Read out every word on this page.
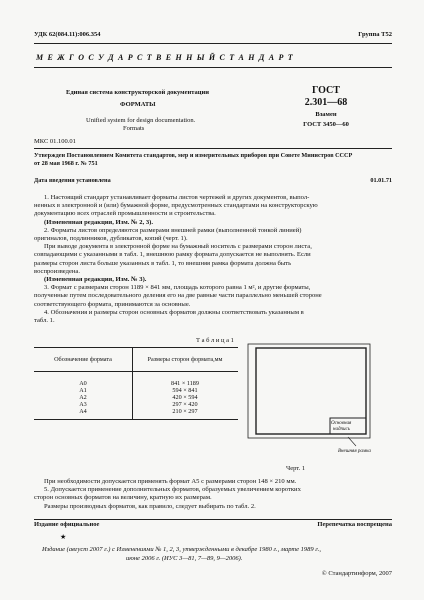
УДК 62(084.11):006.354	Группа Т52
М Е Ж Г О С У Д А Р С Т В Е Н Н Ы Й С Т А Н Д А Р Т
Единая система конструкторской документации
ФОРМАТЫ
Unified system for design documentation.
Formats
ГОСТ
2.301—68
Взамен
ГОСТ 3450—60
МКС 01.100.01
Утвержден Постановлением Комитета стандартов, мер и измерительных приборов при Совете Министров СССР
от 28 мая 1968 г. № 751
Дата введения установлена	01.01.71
1. Настоящий стандарт устанавливает форматы листов чертежей и других документов, выпол-
ненных в электронной и (или) бумажной форме, предусмотренных стандартами на конструкторскую
документацию всех отраслей промышленности и строительства.
(Измененная редакция, Изм. № 2, 3).
2. Форматы листов определяются размерами внешней рамки (выполненной тонкой линией)
оригиналов, подлинников, дубликатов, копий (черт. 1).
При выводе документа в электронной форме на бумажный носитель с размерами сторон листа,
совпадающими с указанными в табл. 1, внешнюю рамку формата допускается не выполнять. Если
размеры сторон листа больше указанных в табл. 1, то внешняя рамка формата должна быть
воспроизведена.
(Измененная редакция, Изм. № 3).
3. Формат с размерами сторон 1189 × 841 мм, площадь которого равна 1 м², и другие форматы,
полученные путем последовательного деления его на две равные части параллельно меньшей стороне
соответствующего формата, принимаются за основные.
4. Обозначения и размеры сторон основных форматов должны соответствовать указанным в
табл. 1.
Т а б л и ц а 1
Обозначение формата	Размеры сторон формата,мм
А0	841 × 1189
А1	594 × 841
А2	420 × 594
А3	297 × 420
А4	210 × 297
Основная
надпись
Внешняя рамка
Черт. 1
При необходимости допускается применять формат А5 с размерами сторон 148 × 210 мм.
5. Допускается применение дополнительных форматов, образуемых увеличением коротких
сторон основных форматов на величину, кратную их размерам.
Размеры производных форматов, как правило, следует выбирать по табл. 2.
Издание официальное	Перепечатка воспрещена
★
Издание (август 2007 г.) с Изменениями № 1, 2, 3, утвержденными в декабре 1980 г., марте 1989 г.,
июне 2006 г. (ИУС 3—81, 7—89, 9—2006).
© Стандартинформ, 2007
